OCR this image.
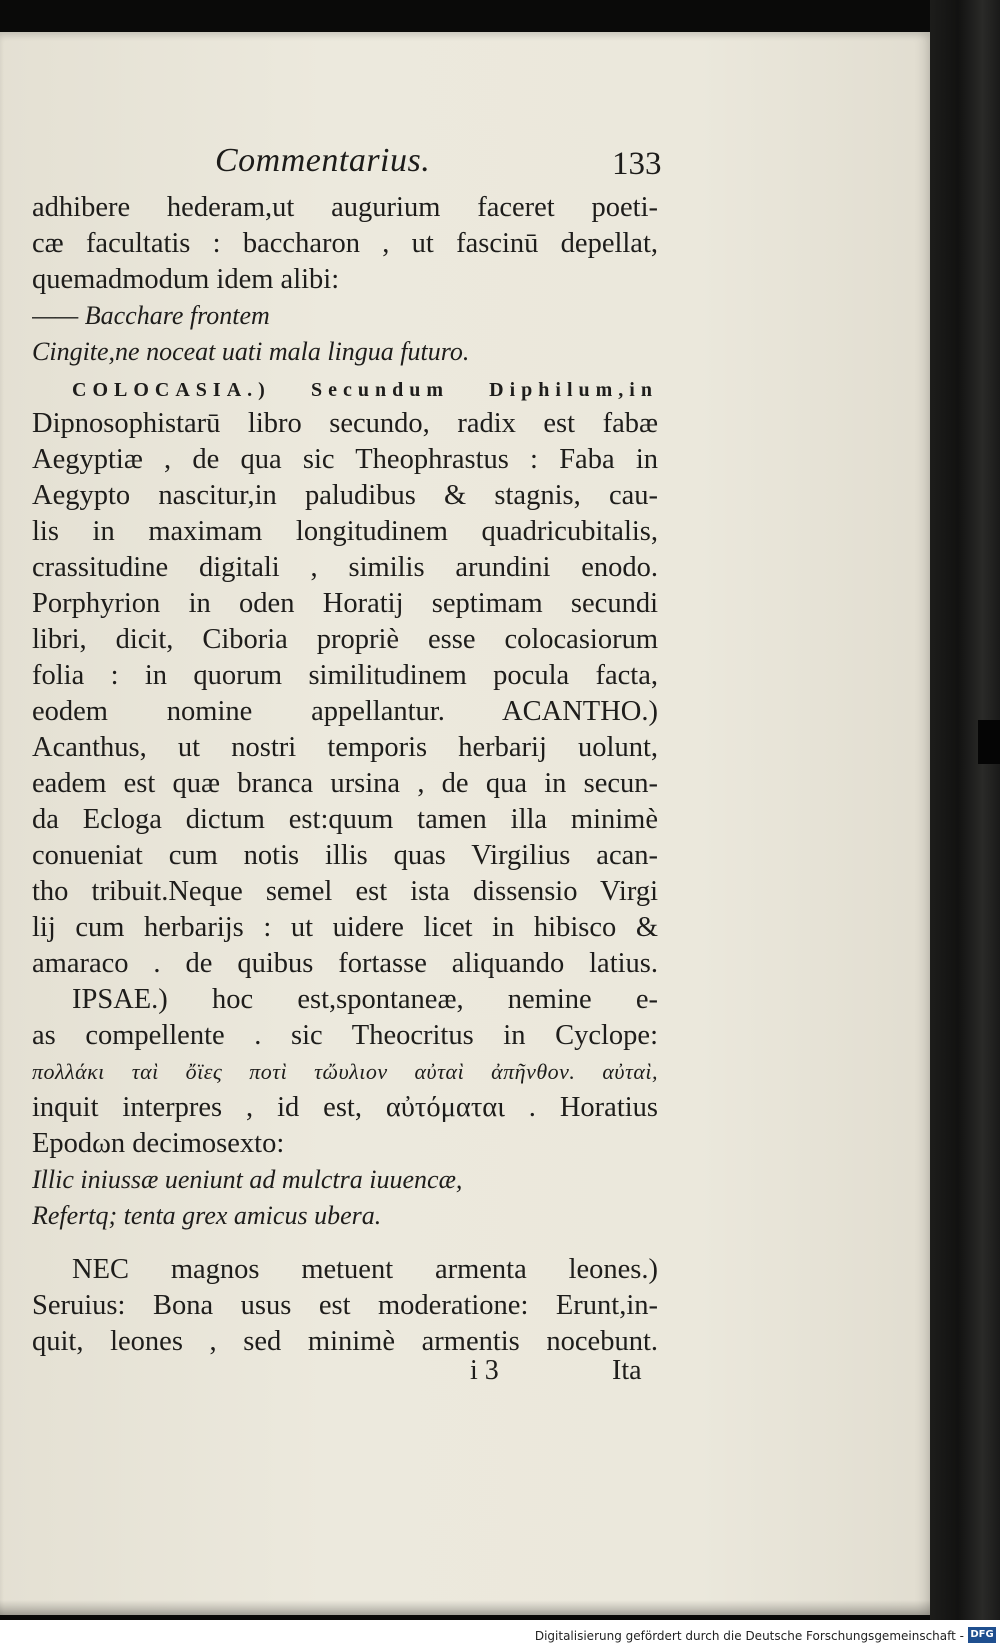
Commentarius.	133
adhibere hederam,ut augurium faceret poeti-
cæ facultatis : baccharon , ut fascinū depellat,
quemadmodum idem alibi:
—— Bacchare frontem
Cingite,ne noceat uati mala lingua futuro.
COLOCASIA.) Secundum Diphilum,in
Dipnosophistarū libro secundo, radix est fabæ
Aegyptiæ , de qua sic Theophrastus : Faba in
Aegypto nascitur,in paludibus & stagnis, cau-
lis in maximam longitudinem quadricubitalis,
crassitudine digitali , similis arundini enodo.
Porphyrion in oden Horatij septimam secundi
libri, dicit, Ciboria propriè esse colocasiorum
folia : in quorum similitudinem pocula facta,
eodem nomine appellantur. ACANTHO.)
Acanthus, ut nostri temporis herbarij uolunt,
eadem est quæ branca ursina , de qua in secun-
da Ecloga dictum est:quum tamen illa minimè
conueniat cum notis illis quas Virgilius acan-
tho tribuit.Neque semel est ista dissensio Virgi
lij cum herbarijs : ut uidere licet in hibisco &
amaraco . de quibus fortasse aliquando latius.
IPSAE.) hoc est,spontaneæ, nemine e-
as compellente . sic Theocritus in Cyclope:
πολλάκι ταὶ ὄϊες ποτὶ τὤυλιον αὐταὶ ἀπῆνθον. αὐταὶ,
inquit interpres , id est, αὐτόμαται . Horatius
Epodωn decimosexto:
Illic iniussæ ueniunt ad mulctra iuuencæ,
Refertq; tenta grex amicus ubera.
NEC magnos metuent armenta leones.)
Seruius: Bona usus est moderatione: Erunt,in-
quit, leones , sed minimè armentis nocebunt.
i 3	Ita
Digitalisierung gefördert durch die Deutsche Forschungsgemeinschaft - DFG
